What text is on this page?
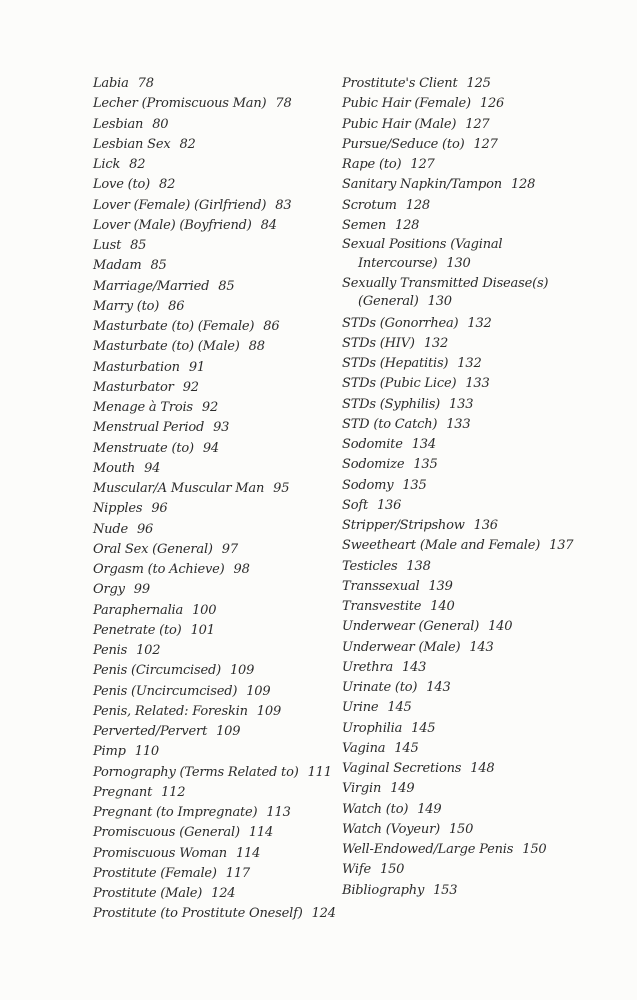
Labia 78
Lecher (Promiscuous Man) 78
Lesbian 80
Lesbian Sex 82
Lick 82
Love (to) 82
Lover (Female) (Girlfriend) 83
Lover (Male) (Boyfriend) 84
Lust 85
Madam 85
Marriage/Married 85
Marry (to) 86
Masturbate (to) (Female) 86
Masturbate (to) (Male) 88
Masturbation 91
Masturbator 92
Menage à Trois 92
Menstrual Period 93
Menstruate (to) 94
Mouth 94
Muscular/A Muscular Man 95
Nipples 96
Nude 96
Oral Sex (General) 97
Orgasm (to Achieve) 98
Orgy 99
Paraphernalia 100
Penetrate (to) 101
Penis 102
Penis (Circumcised) 109
Penis (Uncircumcised) 109
Penis, Related: Foreskin 109
Perverted/Pervert 109
Pimp 110
Pornography (Terms Related to) 111
Pregnant 112
Pregnant (to Impregnate) 113
Promiscuous (General) 114
Promiscuous Woman 114
Prostitute (Female) 117
Prostitute (Male) 124
Prostitute (to Prostitute Oneself) 124
Prostitute's Client 125
Pubic Hair (Female) 126
Pubic Hair (Male) 127
Pursue/Seduce (to) 127
Rape (to) 127
Sanitary Napkin/Tampon 128
Scrotum 128
Semen 128
Sexual Positions (Vaginal
Intercourse) 130
Sexually Transmitted Disease(s)
(General) 130
STDs (Gonorrhea) 132
STDs (HIV) 132
STDs (Hepatitis) 132
STDs (Pubic Lice) 133
STDs (Syphilis) 133
STD (to Catch) 133
Sodomite 134
Sodomize 135
Sodomy 135
Soft 136
Stripper/Stripshow 136
Sweetheart (Male and Female) 137
Testicles 138
Transsexual 139
Transvestite 140
Underwear (General) 140
Underwear (Male) 143
Urethra 143
Urinate (to) 143
Urine 145
Urophilia 145
Vagina 145
Vaginal Secretions 148
Virgin 149
Watch (to) 149
Watch (Voyeur) 150
Well-Endowed/Large Penis 150
Wife 150
Bibliography 153
